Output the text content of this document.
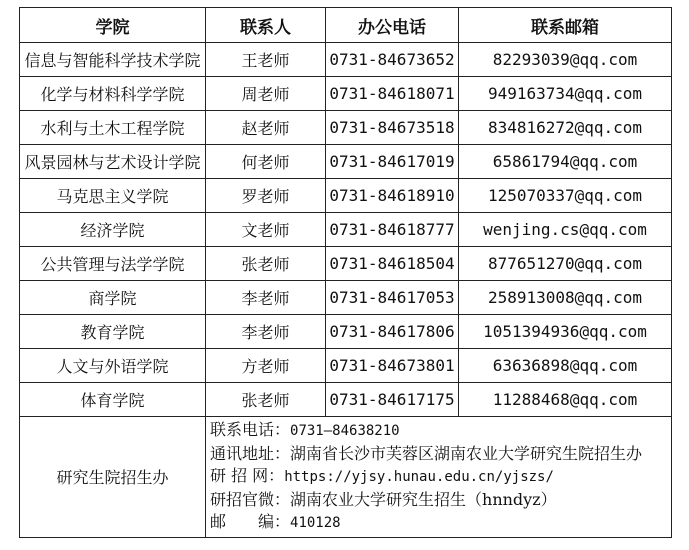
学院	联系人	办公电话	联系邮箱
信息与智能科学技术学院	王老师	0731-84673652	82293039@qq.com
化学与材料科学学院	周老师	0731-84618071	949163734@qq.com
水利与土木工程学院	赵老师	0731-84673518	834816272@qq.com
风景园林与艺术设计学院	何老师	0731-84617019	65861794@qq.com
马克思主义学院	罗老师	0731-84618910	125070337@qq.com
经济学院	文老师	0731-84618777	wenjing.cs@qq.com
公共管理与法学学院	张老师	0731-84618504	877651270@qq.com
商学院	李老师	0731-84617053	258913008@qq.com
教育学院	李老师	0731-84617806	1051394936@qq.com
人文与外语学院	方老师	0731-84673801	63636898@qq.com
体育学院	张老师	0731-84617175	11288468@qq.com
研究生院招生办	联系电话：0731—84638210
通讯地址：湖南省长沙市芙蓉区湖南农业大学研究生院招生办
研 招 网：https://yjsy.hunau.edu.cn/yjszs/
研招官微：湖南农业大学研究生招生（hnndyz）
邮　　编：410128		
